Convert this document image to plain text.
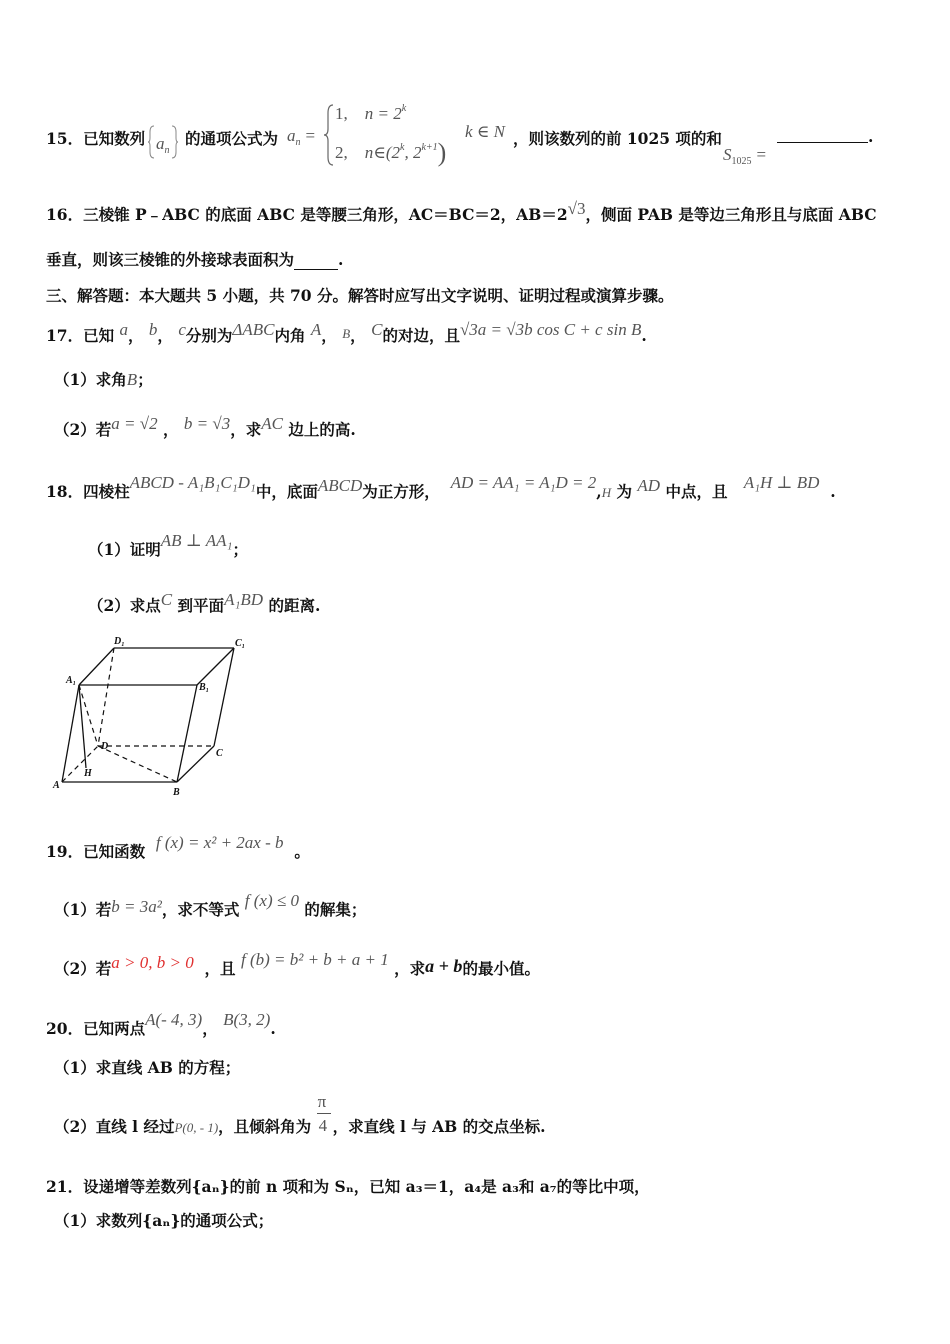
15．已知数列 $a_n$
的通项公式为 $a_n$ =
1, $n = 2^k$
2, n∈(2$^k$, $2^{k+1}$)
k ∈ N ，则该数列的前 1025 项的和
$S_{1025}$ =
.
16．三棱锥 P﹣ABC 的底面 ABC 是等腰三角形，AC＝BC＝2，AB＝2√3，侧面 PAB 是等边三角形且与底面 ABC
垂直，则该三棱锥的外接球表面积为	.
三、解答题：本大题共 5 小题，共 70 分。解答时应写出文字说明、证明过程或演算步骤。
17．已知 a， b， c分别为ΔABC内角 A， B， C的对边，且√3a = √3b cos C + c sin B.
（1）求角B；
（2）若a = √2 ， b = √3，求AC 边上的高.
18．四棱柱ABCD - A₁B₁C₁D₁中，底面ABCD为正方形， AD = AA₁ = A₁D = 2,H 为 AD 中点，且 A₁H ⊥ BD .
（1）证明AB ⊥ AA₁；
（2）求点C 到平面A₁BD 的距离.
D₁	C₁
A₁
B₁
D
C
H
A
B
19．已知函数 f (x) = x² + 2ax - b 。
（1）若b = 3a²，求不等式 f (x) ≤ 0 的解集；
（2）若a > 0, b > 0 ，且 f (b) = b² + b + a + 1 ，求a + b的最小值。
20．已知两点A(- 4, 3)， B(3, 2).
（1）求直线 AB 的方程；
（2）直线 l 经过P(0, - 1)，且倾斜角为 $\frac{\pi}{4}$ ，求直线 l 与 AB 的交点坐标.
21．设递增等差数列{aₙ}的前 n 项和为 Sₙ，已知 a₃＝1，a₄是 a₃和 a₇的等比中项，
（1）求数列{aₙ}的通项公式；
